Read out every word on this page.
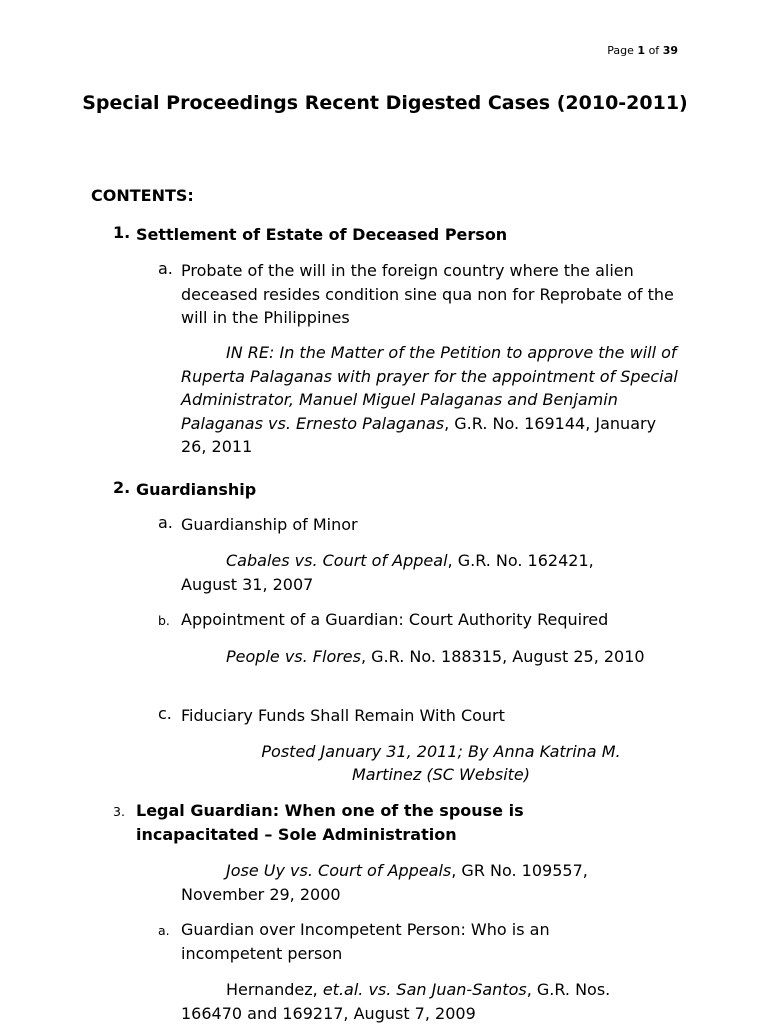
Page 1 of 39
Special Proceedings Recent Digested Cases (2010-2011)
CONTENTS:
1. Settlement of Estate of Deceased Person
a. Probate of the will in the foreign country where the alien deceased resides condition sine qua non for Reprobate of the will in the Philippines
IN RE: In the Matter of the Petition to approve the will of Ruperta Palaganas with prayer for the appointment of Special Administrator, Manuel Miguel Palaganas and Benjamin Palaganas vs. Ernesto Palaganas, G.R. No. 169144, January 26, 2011
2. Guardianship
a. Guardianship of Minor
Cabales vs. Court of Appeal, G.R. No. 162421, August 31, 2007
b. Appointment of a Guardian: Court Authority Required
People vs. Flores, G.R. No. 188315, August 25, 2010
c. Fiduciary Funds Shall Remain With Court
Posted January 31, 2011; By Anna Katrina M.
Martinez (SC Website)
3. Legal Guardian: When one of the spouse is incapacitated – Sole Administration
Jose Uy vs. Court of Appeals, GR No. 109557, November 29, 2000
a. Guardian over Incompetent Person: Who is an incompetent person
Hernandez, et.al. vs. San Juan-Santos, G.R. Nos. 166470 and 169217, August 7, 2009
